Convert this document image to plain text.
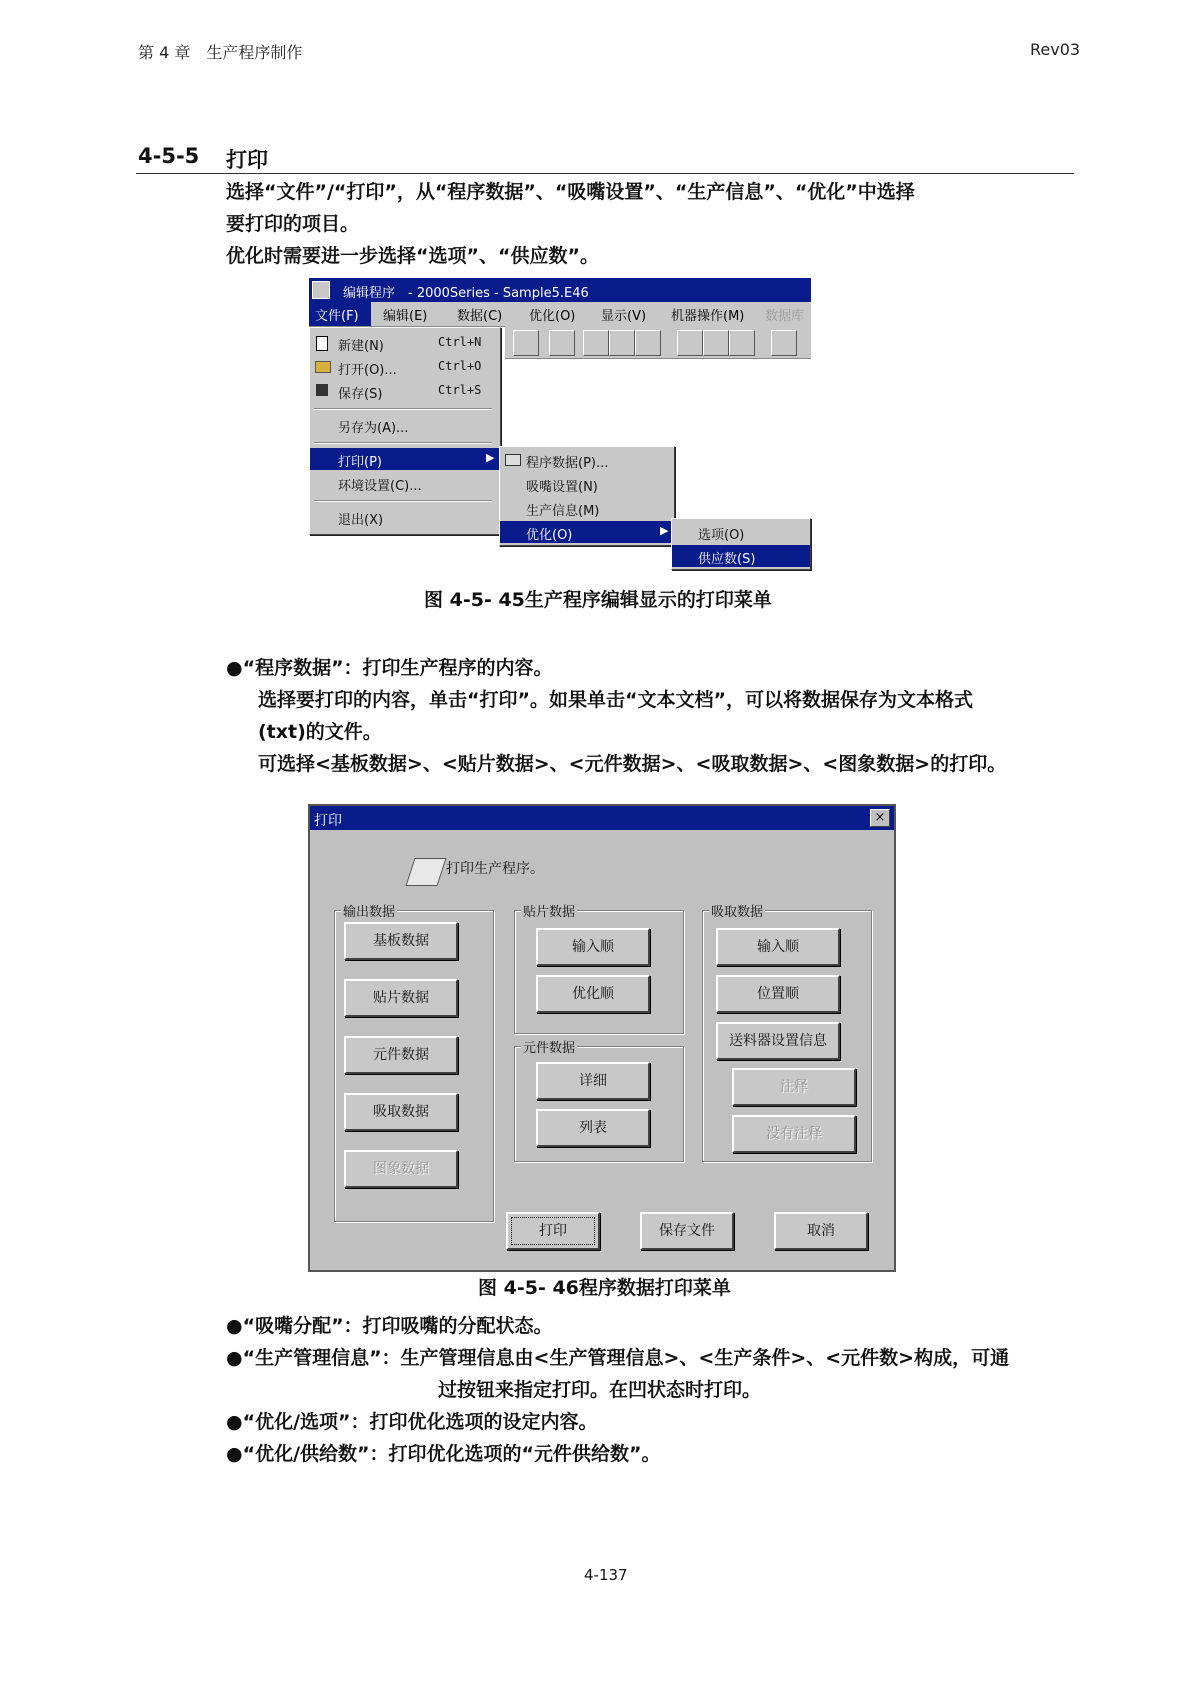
第 4 章　生产程序制作	Rev03
4-5-5 打印
选择“文件”/“打印”，从“程序数据”、“吸嘴设置”、“生产信息”、“优化”中选择
要打印的项目。
优化时需要进一步选择“选项”、“供应数”。
编辑程序　- 2000Series - Sample5.E46
文件(F) 编辑(E) 数据(C) 优化(O) 显示(V) 机器操作(M) 数据库
新建(N)	Ctrl+N
打开(O)...	Ctrl+O
保存(S)	Ctrl+S
另存为(A)...
打印(P)	▶
环境设置(C)...
退出(X)
程序数据(P)...
吸嘴设置(N)
生产信息(M)
优化(O)	▶ 选项(O)
供应数(S)
图 4-5- 45生产程序编辑显示的打印菜单
●“程序数据”：打印生产程序的内容。
选择要打印的内容，单击“打印”。如果单击“文本文档”，可以将数据保存为文本格式
(txt)的文件。
可选择<基板数据>、<贴片数据>、<元件数据>、<吸取数据>、<图象数据>的打印。
打印	×
打印生产程序。
输出数据
基板数据
贴片数据
元件数据
吸取数据
图象数据
贴片数据
输入顺
优化顺
元件数据
详细
列表
吸取数据
输入顺
位置顺
送料器设置信息
注释
没有注释
打印	保存文件	取消
图 4-5- 46程序数据打印菜单
●“吸嘴分配”：打印吸嘴的分配状态。
●“生产管理信息”：生产管理信息由<生产管理信息>、<生产条件>、<元件数>构成，可通
过按钮来指定打印。在凹状态时打印。
●“优化/选项”：打印优化选项的设定内容。
●“优化/供给数”：打印优化选项的“元件供给数”。
4-137
